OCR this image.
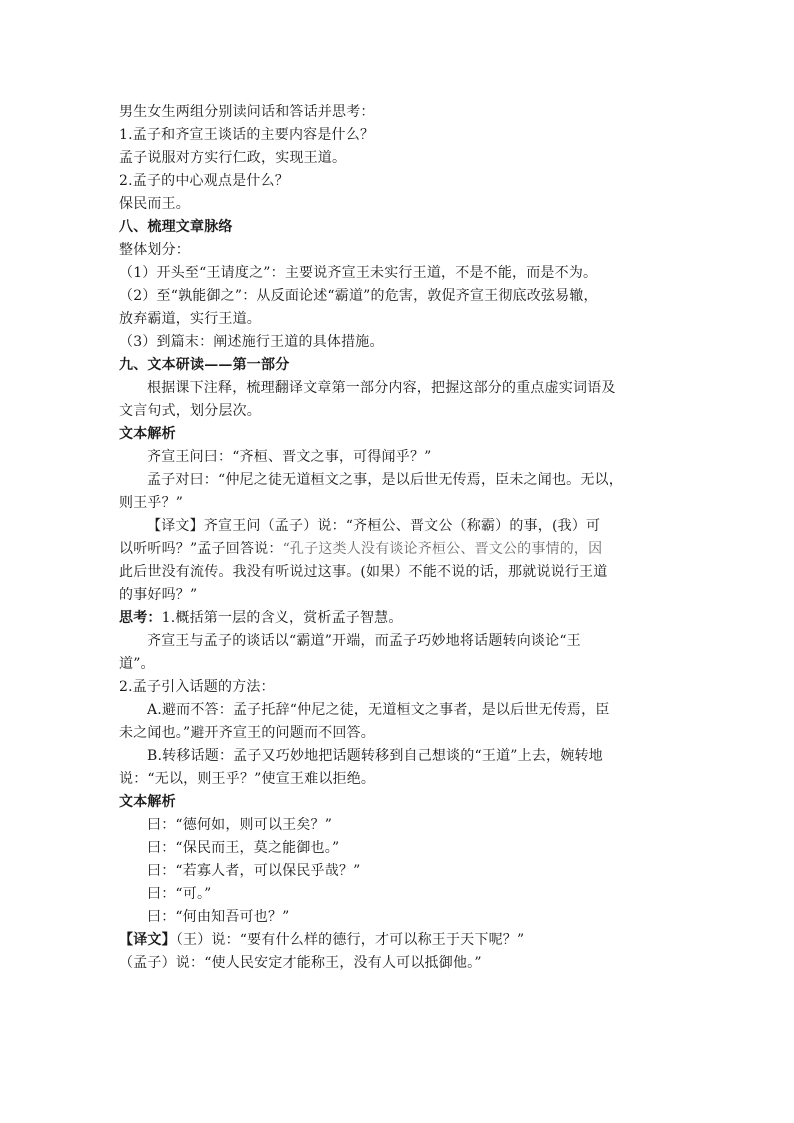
男生女生两组分别读问话和答话并思考：
1.孟子和齐宣王谈话的主要内容是什么？
孟子说服对方实行仁政，实现王道。
2.孟子的中心观点是什么？
保民而王。
八、梳理文章脉络
整体划分：
（1）开头至“王请度之”：主要说齐宣王未实行王道，不是不能，而是不为。
（2）至“孰能御之”：从反面论述“霸道”的危害，敦促齐宣王彻底改弦易辙，
放弃霸道，实行王道。
（3）到篇末：阐述施行王道的具体措施。
九、文本研读——第一部分
根据课下注释，梳理翻译文章第一部分内容，把握这部分的重点虚实词语及
文言句式，划分层次。
文本解析
齐宣王问曰：“齐桓、晋文之事，可得闻乎？”
孟子对曰：“仲尼之徒无道桓文之事，是以后世无传焉，臣未之闻也。无以，
则王乎？”
【译文】齐宣王问（孟子）说：“齐桓公、晋文公（称霸）的事，(我）可
以听听吗？”孟子回答说：“孔子这类人没有谈论齐桓公、晋文公的事情的，因
此后世没有流传。我没有听说过这事。(如果）不能不说的话，那就说说行王道
的事好吗？”
思考：1.概括第一层的含义，赏析孟子智慧。
齐宣王与孟子的谈话以“霸道”开端，而孟子巧妙地将话题转向谈论“王
道”。
2.孟子引入话题的方法：
A.避而不答：孟子托辞“仲尼之徒，无道桓文之事者，是以后世无传焉，臣
未之闻也。”避开齐宣王的问题而不回答。
B.转移话题：孟子又巧妙地把话题转移到自己想谈的“王道”上去，婉转地
说：“无以，则王乎？”使宣王难以拒绝。
文本解析
曰：“德何如，则可以王矣？”
曰：“保民而王，莫之能御也。”
曰：“若寡人者，可以保民乎哉？”
曰：“可。”
曰：“何由知吾可也？”
【译文】（王）说：“要有什么样的德行，才可以称王于天下呢？”
（孟子）说：“使人民安定才能称王，没有人可以抵御他。”
